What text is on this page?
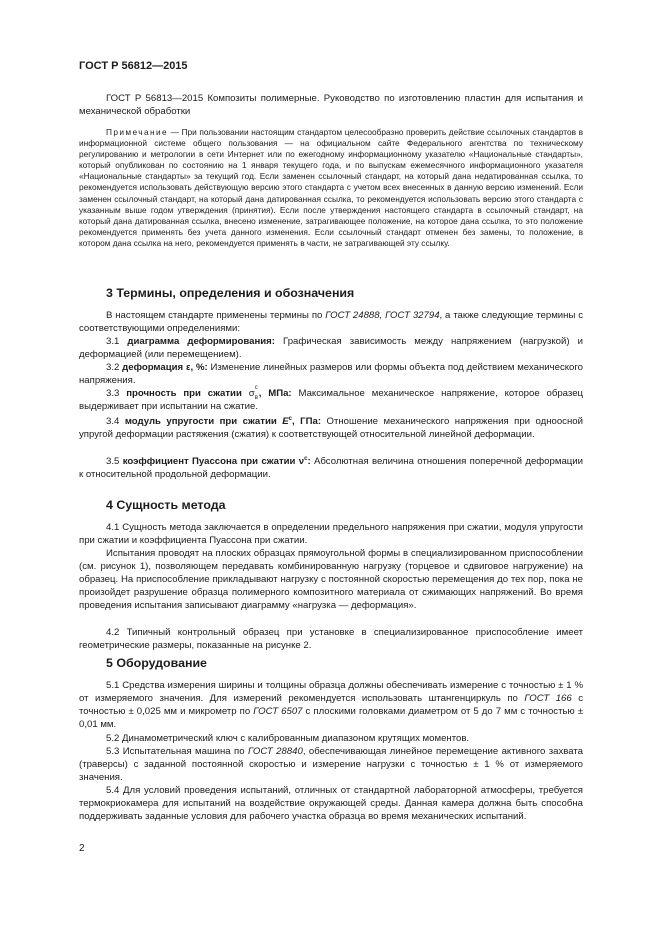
ГОСТ Р 56812—2015
ГОСТ Р 56813—2015 Композиты полимерные. Руководство по изготовлению пластин для испытания и механической обработки
Примечание — При пользовании настоящим стандартом целесообразно проверить действие ссылочных стандартов в информационной системе общего пользования — на официальном сайте Федерального агентства по техническому регулированию и метрологии в сети Интернет или по ежегодному информационному указателю «Национальные стандарты», который опубликован по состоянию на 1 января текущего года, и по выпускам ежемесячного информационного указателя «Национальные стандарты» за текущий год. Если заменен ссылочный стандарт, на который дана недатированная ссылка, то рекомендуется использовать действующую версию этого стандарта с учетом всех внесенных в данную версию изменений. Если заменен ссылочный стандарт, на который дана датированная ссылка, то рекомендуется использовать версию этого стандарта с указанным выше годом утверждения (принятия). Если после утверждения настоящего стандарта в ссылочный стандарт, на который дана датированная ссылка, внесено изменение, затрагивающее положение, на которое дана ссылка, то это положение рекомендуется применять без учета данного изменения. Если ссылочный стандарт отменен без замены, то положение, в котором дана ссылка на него, рекомендуется применять в части, не затрагивающей эту ссылку.
3 Термины, определения и обозначения
В настоящем стандарте применены термины по ГОСТ 24888, ГОСТ 32794, а также следующие термины с соответствующими определениями:
3.1 диаграмма деформирования: Графическая зависимость между напряжением (нагрузкой) и деформацией (или перемещением).
3.2 деформация ε, %: Изменение линейных размеров или формы объекта под действием механического напряжения.
3.3 прочность при сжатии σ c
в , МПа: Максимальное механическое напряжение, которое образец выдерживает при испытании на сжатие.
3.4 модуль упругости при сжатии $E^c$, ГПа: Отношение механического напряжения при одноосной упругой деформации растяжения (сжатия) к соответствующей относительной линейной деформации.
3.5 коэффициент Пуассона при сжатии $\nu^c$: Абсолютная величина отношения поперечной деформации к относительной продольной деформации.
4 Сущность метода
4.1 Сущность метода заключается в определении предельного напряжения при сжатии, модуля упругости при сжатии и коэффициента Пуассона при сжатии.
Испытания проводят на плоских образцах прямоугольной формы в специализированном приспособлении (см. рисунок 1), позволяющем передавать комбинированную нагрузку (торцевое и сдвиговое нагружение) на образец. На приспособление прикладывают нагрузку с постоянной скоростью перемещения до тех пор, пока не произойдет разрушение образца полимерного композитного материала от сжимающих напряжений. Во время проведения испытания записывают диаграмму «нагрузка — деформация».
4.2 Типичный контрольный образец при установке в специализированное приспособление имеет геометрические размеры, показанные на рисунке 2.
5 Оборудование
5.1 Средства измерения ширины и толщины образца должны обеспечивать измерение с точностью ± 1 % от измеряемого значения. Для измерений рекомендуется использовать штангенциркуль по ГОСТ 166 с точностью ± 0,025 мм и микрометр по ГОСТ 6507 с плоскими головками диаметром от 5 до 7 мм с точностью ± 0,01 мм.
5.2 Динамометрический ключ с калиброванным диапазоном крутящих моментов.
5.3 Испытательная машина по ГОСТ 28840, обеспечивающая линейное перемещение активного захвата (траверсы) с заданной постоянной скоростью и измерение нагрузки с точностью ± 1 % от измеряемого значения.
5.4 Для условий проведения испытаний, отличных от стандартной лабораторной атмосферы, требуется термокриокамера для испытаний на воздействие окружающей среды. Данная камера должна быть способна поддерживать заданные условия для рабочего участка образца во время механических испытаний.
2
